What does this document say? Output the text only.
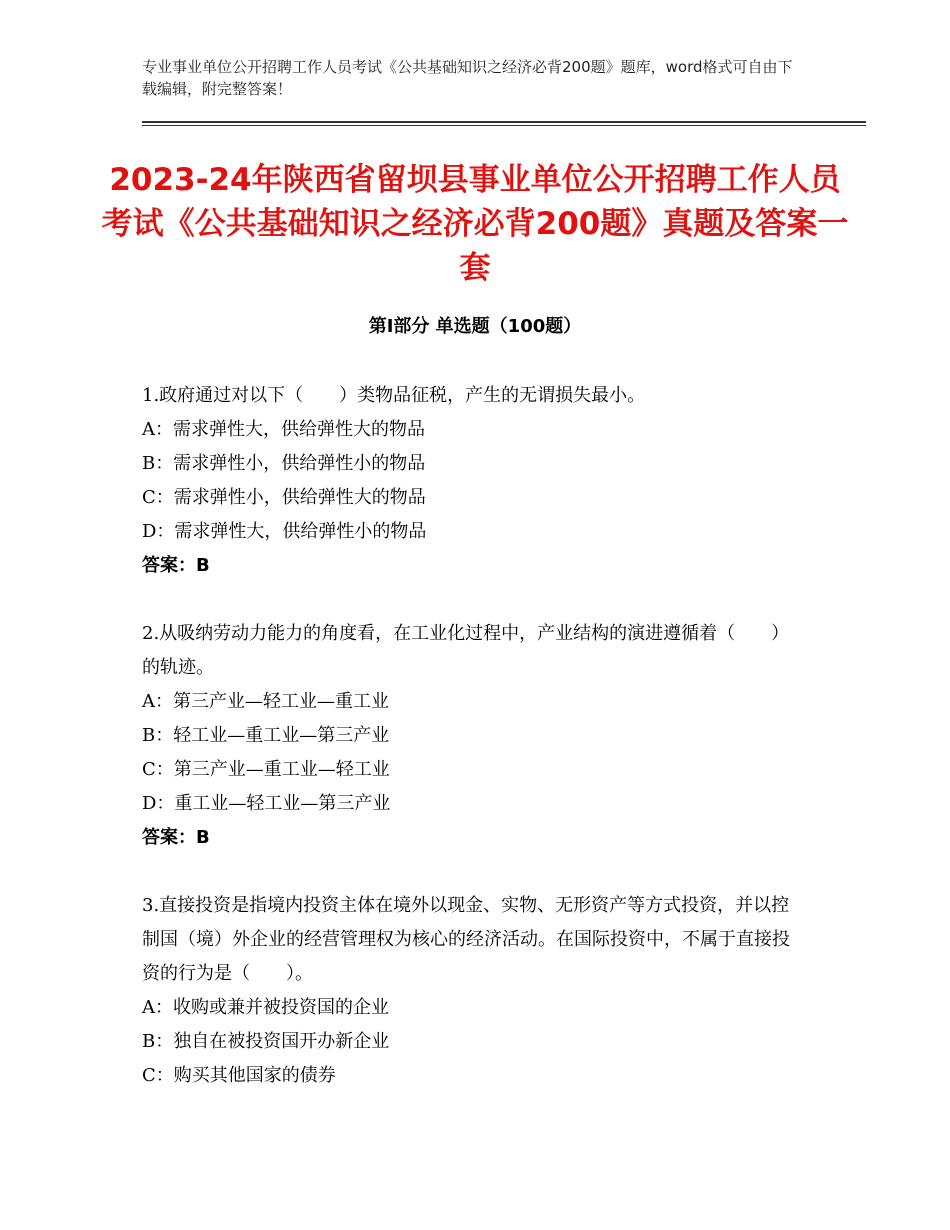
专业事业单位公开招聘工作人员考试《公共基础知识之经济必背200题》题库，word格式可自由下载编辑，附完整答案！
2023-24年陕西省留坝县事业单位公开招聘工作人员考试《公共基础知识之经济必背200题》真题及答案一套
第Ⅰ部分 单选题（100题）

1.政府通过对以下（　　）类物品征税，产生的无谓损失最小。

A：需求弹性大，供给弹性大的物品

B：需求弹性小，供给弹性小的物品

C：需求弹性小，供给弹性大的物品

D：需求弹性大，供给弹性小的物品

答案：B

2.从吸纳劳动力能力的角度看，在工业化过程中，产业结构的演进遵循着（　　）的轨迹。

A：第三产业—轻工业—重工业

B：轻工业—重工业—第三产业

C：第三产业—重工业—轻工业

D：重工业—轻工业—第三产业

答案：B

3.直接投资是指境内投资主体在境外以现金、实物、无形资产等方式投资，并以控制国（境）外企业的经营管理权为核心的经济活动。在国际投资中，不属于直接投资的行为是（　　）。

A：收购或兼并被投资国的企业

B：独自在被投资国开办新企业

C：购买其他国家的债券
